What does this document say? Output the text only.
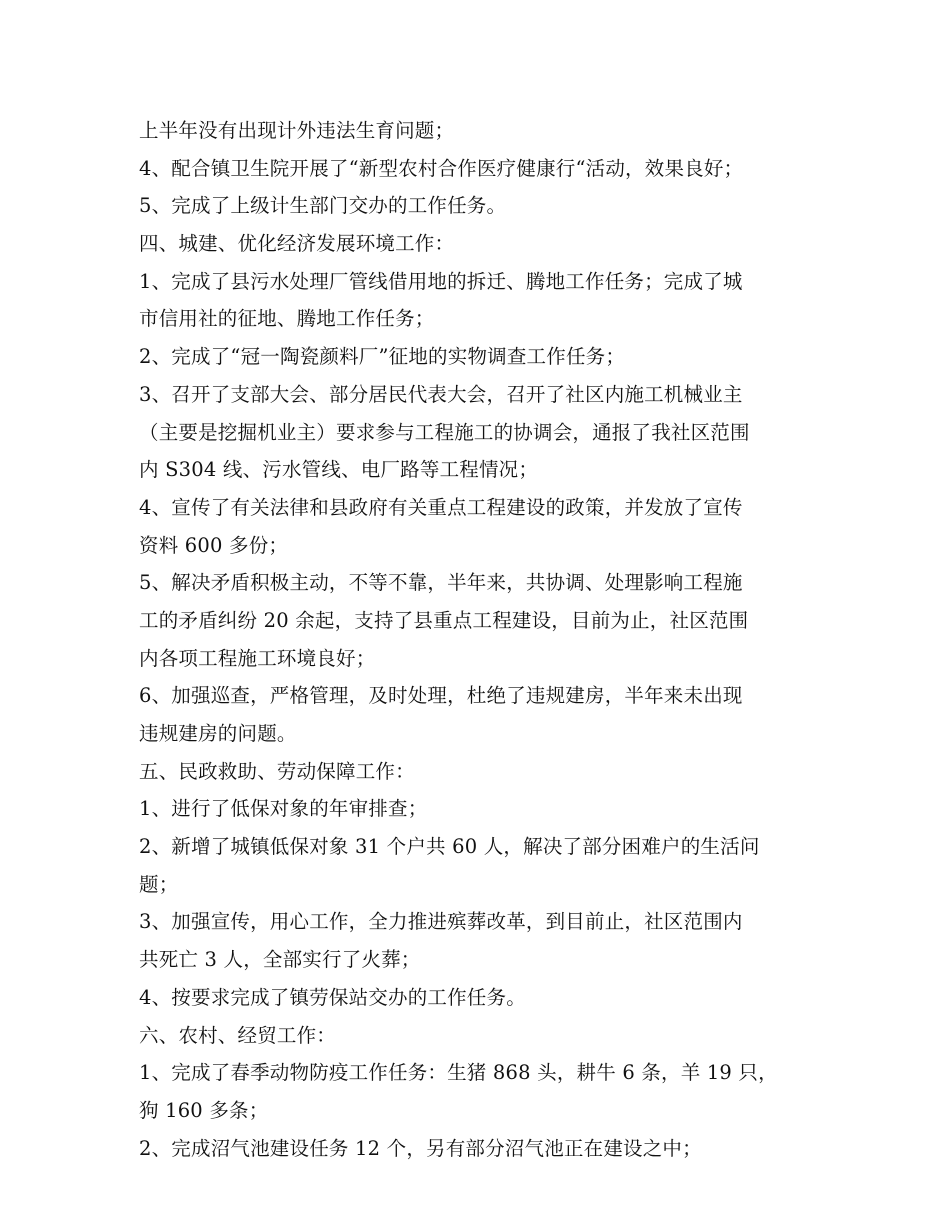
上半年没有出现计外违法生育问题；
4、配合镇卫生院开展了“新型农村合作医疗健康行“活动，效果良好；
5、完成了上级计生部门交办的工作任务。
四、城建、优化经济发展环境工作：
1、完成了县污水处理厂管线借用地的拆迁、腾地工作任务；完成了城
市信用社的征地、腾地工作任务；
2、完成了“冠一陶瓷颜料厂”征地的实物调查工作任务；
3、召开了支部大会、部分居民代表大会，召开了社区内施工机械业主
（主要是挖掘机业主）要求参与工程施工的协调会，通报了我社区范围
内 S304 线、污水管线、电厂路等工程情况；
4、宣传了有关法律和县政府有关重点工程建设的政策，并发放了宣传
资料 600 多份；
5、解决矛盾积极主动，不等不靠，半年来，共协调、处理影响工程施
工的矛盾纠纷 20 余起，支持了县重点工程建设，目前为止，社区范围
内各项工程施工环境良好；
6、加强巡查，严格管理，及时处理，杜绝了违规建房，半年来未出现
违规建房的问题。
五、民政救助、劳动保障工作：
1、进行了低保对象的年审排查；
2、新增了城镇低保对象 31 个户共 60 人，解决了部分困难户的生活问
题；
3、加强宣传，用心工作，全力推进殡葬改革，到目前止，社区范围内
共死亡 3 人，全部实行了火葬；
4、按要求完成了镇劳保站交办的工作任务。
六、农村、经贸工作：
1、完成了春季动物防疫工作任务：生猪 868 头，耕牛 6 条，羊 19 只，
狗 160 多条；
2、完成沼气池建设任务 12 个，另有部分沼气池正在建设之中；
